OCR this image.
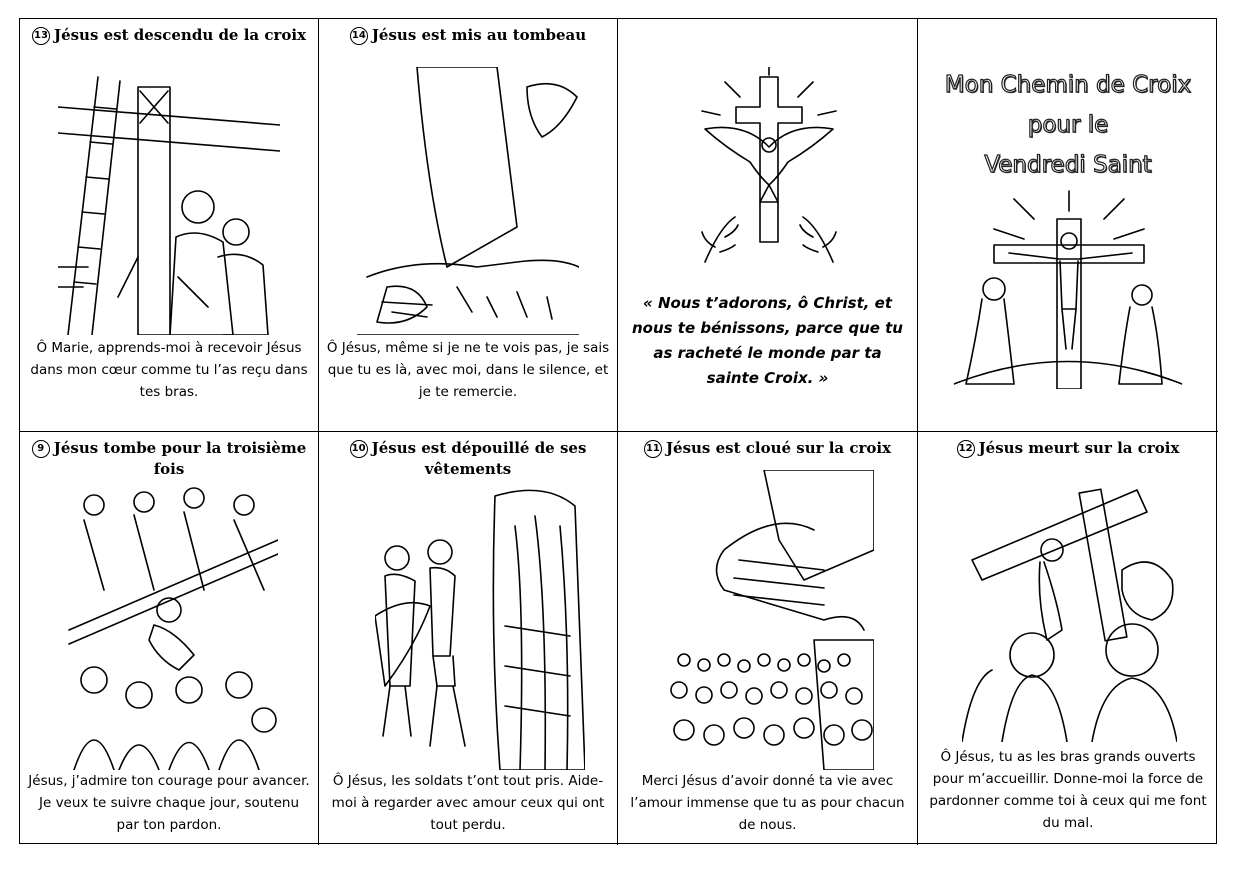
13 Jésus est descendu de la croix
Ô Marie, apprends-moi à recevoir Jésus dans mon cœur comme tu l’as reçu dans tes bras.
14 Jésus est mis au tombeau
Ô Jésus, même si je ne te vois pas, je sais que tu es là, avec moi, dans le silence, et je te remercie.
« Nous t’adorons, ô Christ, et nous te bénissons, parce que tu as racheté le monde par ta sainte Croix. »
Mon Chemin de Croix
pour le
Vendredi Saint
9 Jésus tombe pour la troisième fois
Jésus, j’admire ton courage pour avancer. Je veux te suivre chaque jour, soutenu par ton pardon.
10 Jésus est dépouillé de ses vêtements
Ô Jésus, les soldats t’ont tout pris. Aide-moi à regarder avec amour ceux qui ont tout perdu.
11 Jésus est cloué sur la croix
Merci Jésus d’avoir donné ta vie avec l’amour immense que tu as pour chacun de nous.
12 Jésus meurt sur la croix
Ô Jésus, tu as les bras grands ouverts pour m’accueillir. Donne-moi la force de pardonner comme toi à ceux qui me font du mal.
